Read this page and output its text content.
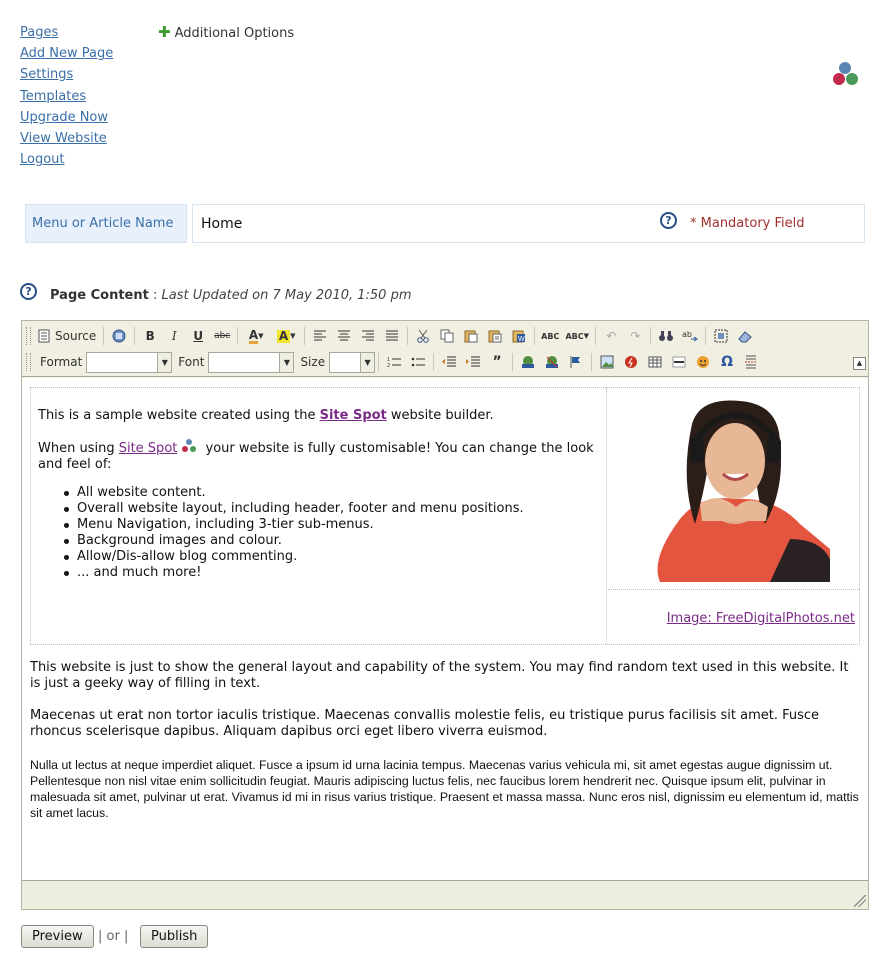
Pages
Add New Page
Settings
Templates
Upgrade Now
View Website
Logout
✚ Additional Options
Menu or Article Name
Home	?	* Mandatory Field
?	Page Content : Last Updated on 7 May 2010, 1:50 pm
Source	B	I	U	abc	A ▼ A ▼	W ABC ABC ▼	↶	↷	ab
Format	▼ Font	▼ Size	▼	1
2	”	Ω	▲

This is a sample website created using the Site Spot website builder.

When using Site Spot
your website is fully customisable! You can change the look and feel of:

All website content.
Overall website layout, including header, footer and menu positions.
Menu Navigation, including 3-tier sub-menus.
Background images and colour.
Allow/Dis-allow blog commenting.
... and much more!
Image: FreeDigitalPhotos.net

This website is just to show the general layout and capability of the system. You may find random text used in this website. It is just a geeky way of filling in text.

Maecenas ut erat non tortor iaculis tristique. Maecenas convallis molestie felis, eu tristique purus facilisis sit amet. Fusce rhoncus scelerisque dapibus. Aliquam dapibus orci eget libero viverra euismod.

Nulla ut lectus at neque imperdiet aliquet. Fusce a ipsum id urna lacinia tempus. Maecenas varius vehicula mi, sit amet egestas augue dignissim ut. Pellentesque non nisl vitae enim sollicitudin feugiat. Mauris adipiscing luctus felis, nec faucibus lorem hendrerit nec. Quisque ipsum elit, pulvinar in malesuada sit amet, pulvinar ut erat. Vivamus id mi in risus varius tristique. Praesent et massa massa. Nunc eros nisl, dignissim eu elementum id, mattis sit amet lacus.

Preview	| or |	Publish
